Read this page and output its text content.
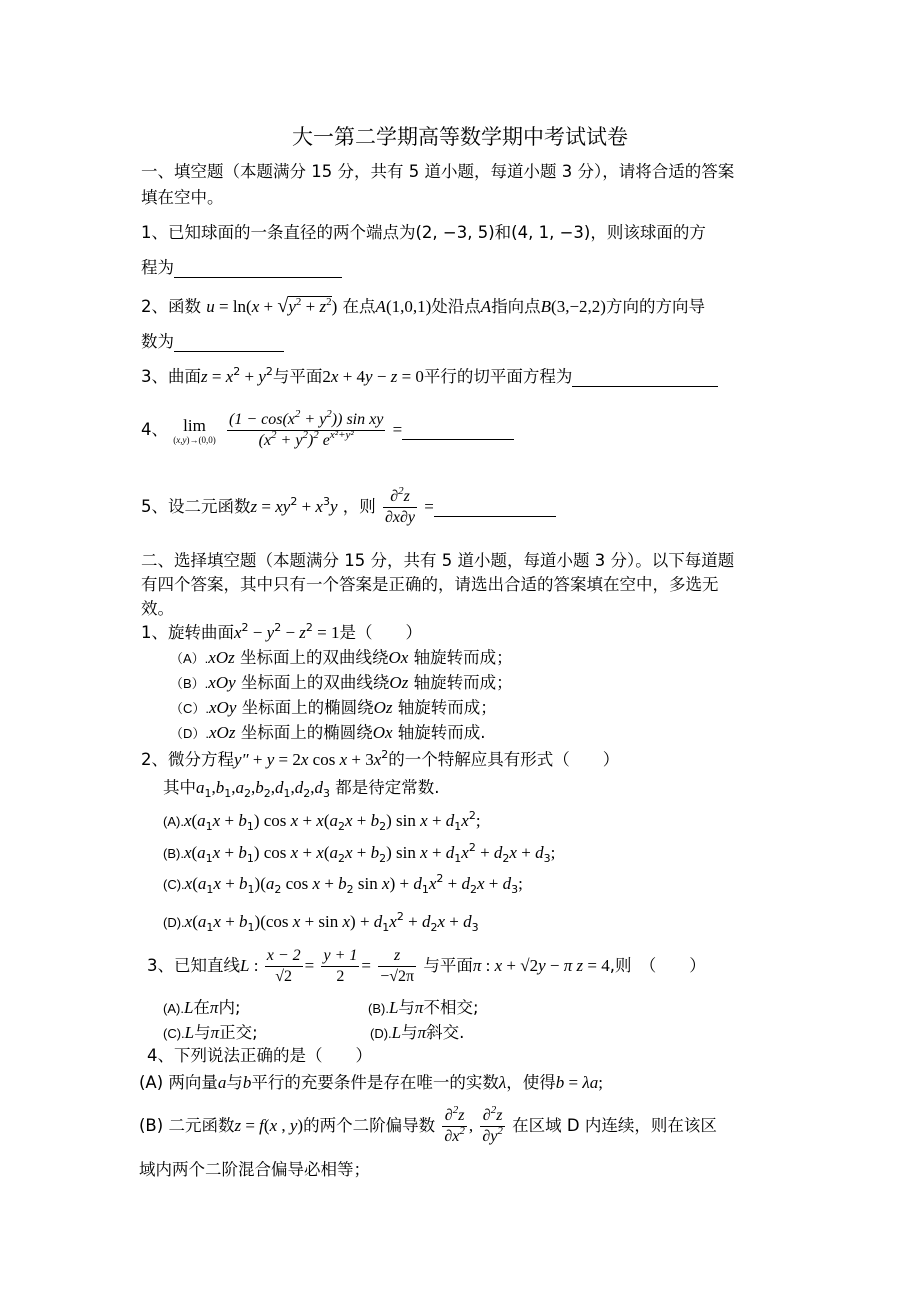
大一第二学期高等数学期中考试试卷
一、填空题（本题满分 15 分，共有 5 道小题，每道小题 3 分），请将合适的答案
填在空中。
1、已知球面的一条直径的两个端点为(2, −3, 5)和(4, 1, −3)，则该球面的方
程为
2、函数 $u = \ln(x + √y^2 + z^2)$ 在点A(1,0,1)处沿点A指向点B(3,−2,2)方向的方向导
数为
3、曲面$z = x^2 + y^2$与平面2x + 4y − z = 0平行的切平面方程为
4、 lim
(x,y)→(0,0)
$\frac{(1 - \cos(x^2 + y^2)) \sin xy}{(x^2 + y^2)^2 e^{x^2+y^2}}$ =
5、设二元函数$z = xy^2 + x^3y$ ，则 $\frac{\partial^2z}{\partial x\partial y}$ =
二、选择填空题（本题满分 15 分，共有 5 道小题，每道小题 3 分）。以下每道题
有四个答案，其中只有一个答案是正确的，请选出合适的答案填在空中，多选无
效。
1、旋转曲面$x^2 - y^2 - z^2 = 1$是（　　）
（A）.xOz 坐标面上的双曲线绕Ox 轴旋转而成；
（B）.xOy 坐标面上的双曲线绕Oz 轴旋转而成；
（C）.xOy 坐标面上的椭圆绕Oz 轴旋转而成；
（D）.xOz 坐标面上的椭圆绕Ox 轴旋转而成.
2、微分方程y″ + y = 2x $\cos x + 3x^2$的一个特解应具有形式（　　）
其中$a_1,b_1,a_2,b_2,d_1,d_2,d_3$ 都是待定常数.
$(A).x(a_1x + b_1)$ $\cos x + x(a_2x + b_2)$ $\sin x + d_1x^2$;
$(B).x(a_1x + b_1)$ $\cos x + x(a_2x + b_2)$ $\sin x + d_1x^2 + d_2x + d_3$;
$(C).x(a_1x + b_1)(a_2$ $\cos x + b_2$ $\sin x) + d_1x^2 + d_2x + d_3$;
$(D).x(a_1x + b_1)(\cos$ $x + \sin x) + d_1x^2 + d_2x + d_3$
3、已知直线L : $\frac{x - 2}{√2} = \frac{y + 1}{2} = \frac{z}{-√2\pi}$ 与平面π : x + √2y − π z = 4,则　（　　）
(A).L在π内;	(B).L与π不相交;
(C).L与π正交;	(D).L与π斜交.
4、下列说法正确的是（　　）
(A) 两向量a与b平行的充要条件是存在唯一的实数λ，使得b = λa;
(B) 二元函数z = f(x , y)的两个二阶偏导数 $\frac{\partial^2z}{\partial x^2}$ , $\frac{\partial^2z}{\partial y^2}$ 在区域 D 内连续，则在该区
域内两个二阶混合偏导必相等；
